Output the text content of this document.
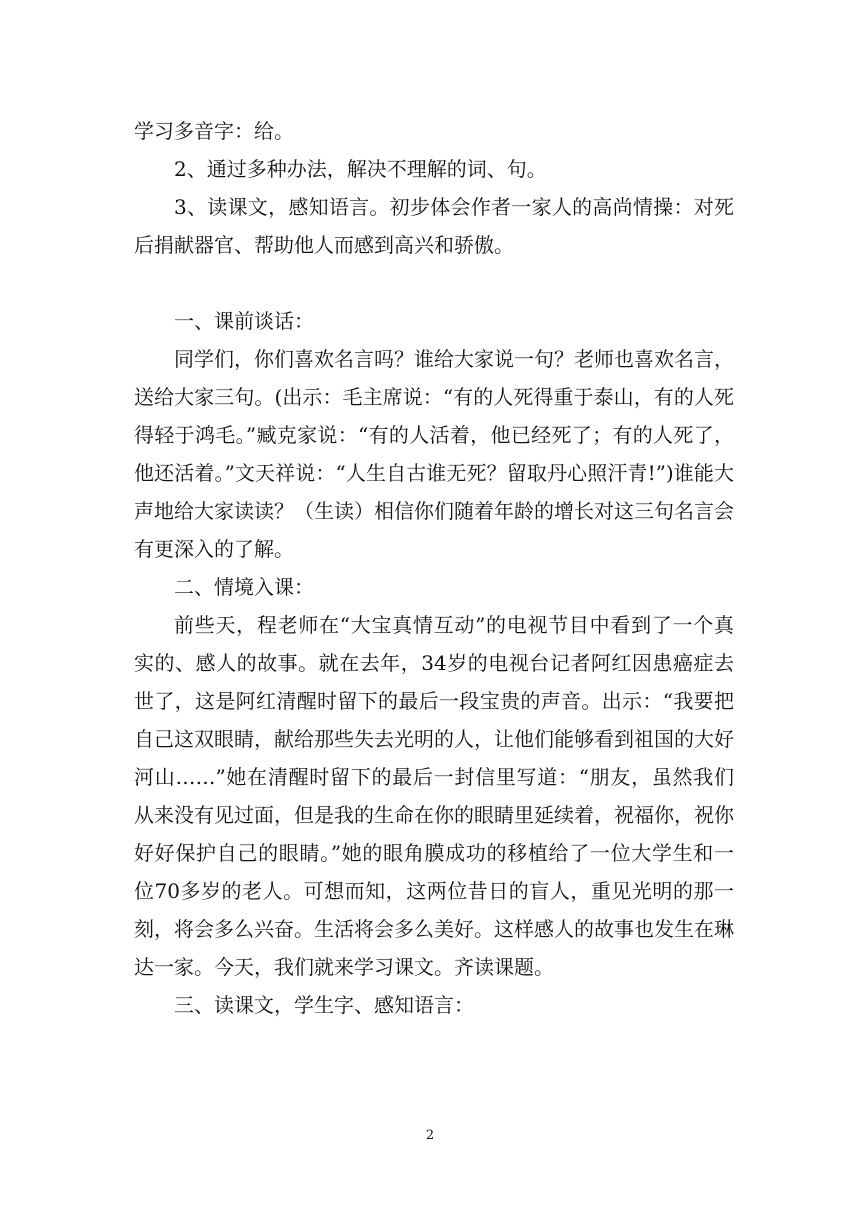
学习多音字：给。

2、通过多种办法，解决不理解的词、句。

3、读课文，感知语言。初步体会作者一家人的高尚情操：对死后捐献器官、帮助他人而感到高兴和骄傲。

一、课前谈话：

同学们，你们喜欢名言吗？谁给大家说一句？老师也喜欢名言，送给大家三句。(出示：毛主席说：“有的人死得重于泰山，有的人死得轻于鸿毛。”臧克家说：“有的人活着，他已经死了；有的人死了，他还活着。”文天祥说：“人生自古谁无死？留取丹心照汗青!”)谁能大声地给大家读读？（生读）相信你们随着年龄的增长对这三句名言会有更深入的了解。

二、情境入课：

前些天，程老师在“大宝真情互动”的电视节目中看到了一个真实的、感人的故事。就在去年，34岁的电视台记者阿红因患癌症去世了，这是阿红清醒时留下的最后一段宝贵的声音。出示：“我要把自己这双眼睛，献给那些失去光明的人，让他们能够看到祖国的大好河山……”她在清醒时留下的最后一封信里写道：“朋友，虽然我们从来没有见过面，但是我的生命在你的眼睛里延续着，祝福你，祝你好好保护自己的眼睛。”她的眼角膜成功的移植给了一位大学生和一位70多岁的老人。可想而知，这两位昔日的盲人，重见光明的那一刻，将会多么兴奋。生活将会多么美好。这样感人的故事也发生在琳达一家。今天，我们就来学习课文。齐读课题。

三、读课文，学生字、感知语言：

2
